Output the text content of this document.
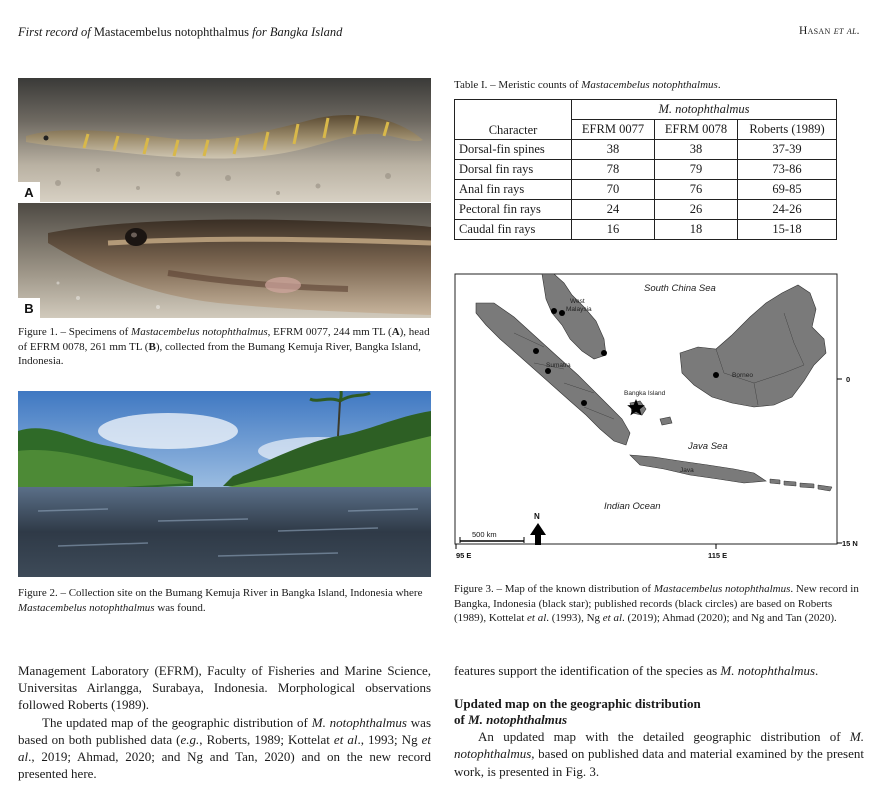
First record of Mastacembelus notophthalmus for Bangka Island	Hasan et al.
A
B
Figure 1. – Specimens of Mastacembelus notophthalmus, EFRM 0077, 244 mm TL (A), head of EFRM 0078, 261 mm TL (B), collected from the Bumang Kemuja River, Bangka Island, Indonesia.
Figure 2. – Collection site on the Bumang Kemuja River in Bangka Island, Indonesia where Mastacembelus notophthalmus was found.
Management Laboratory (EFRM), Faculty of Fisheries and Marine Science, Universitas Airlangga, Surabaya, Indonesia. Morphological observations followed Roberts (1989).
The updated map of the geographic distribution of M. notophthalmus was based on both published data (e.g., Roberts, 1989; Kottelat et al., 1993; Ng et al., 2019; Ahmad, 2020; and Ng and Tan, 2020) and on the new record presented here.
Table I. – Meristic counts of Mastacembelus notophthalmus.
Character	M. notophthalmus		
	EFRM 0077	EFRM 0078	Roberts (1989)
Dorsal-fin spines	38	38	37-39
Dorsal fin rays	78	79	73-86
Anal fin rays	70	76	69-85
Pectoral fin rays	24	26	24-26
Caudal fin rays	16	18	15-18
South China Sea
West
Malaysia
Sumatra
Borneo
Bangka Island
Java Sea
Java
Indian Ocean
N
500 km
95 E	115 E
0
15 N
Figure 3. – Map of the known distribution of Mastacembelus notophthalmus. New record in Bangka, Indonesia (black star); published records (black circles) are based on Roberts (1989), Kottelat et al. (1993), Ng et al. (2019); Ahmad (2020); and Ng and Tan (2020).
features support the identification of the species as M. notophthalmus.
Updated map on the geographic distribution
of M. notophthalmus
An updated map with the detailed geographic distribution of M. notophthalmus, based on published data and material examined by the present work, is presented in Fig. 3.
